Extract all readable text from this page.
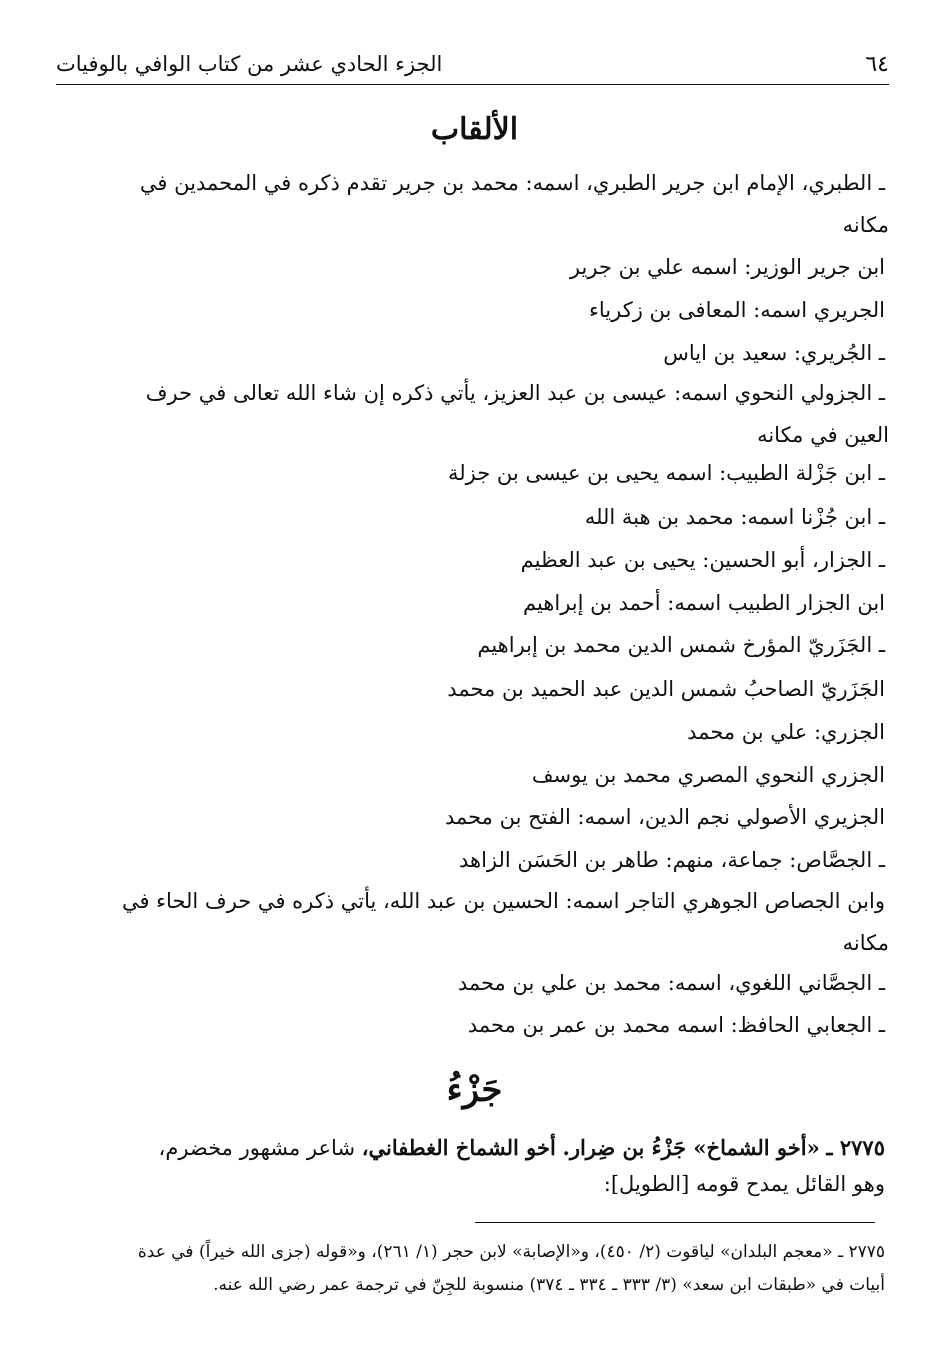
٦٤
الجزء الحادي عشر من كتاب الوافي بالوفيات
الألقاب
ـ الطبري، الإمام ابن جرير الطبري، اسمه: محمد بن جرير تقدم ذكره في المحمدين في
مكانه
ابن جرير الوزير: اسمه علي بن جرير
الجريري اسمه: المعافى بن زكرياء
ـ الجُريري: سعيد بن اياس
ـ الجزولي النحوي اسمه: عيسى بن عبد العزيز، يأتي ذكره إن شاء الله تعالى في حرف
العين في مكانه
ـ ابن جَزْلة الطبيب: اسمه يحيى بن عيسى بن جزلة
ـ ابن جُزْنا اسمه: محمد بن هبة الله
ـ الجزار، أبو الحسين: يحيى بن عبد العظيم
ابن الجزار الطبيب اسمه: أحمد بن إبراهيم
ـ الجَزَريّ المؤرخ شمس الدين محمد بن إبراهيم
الجَزَريّ الصاحبُ شمس الدين عبد الحميد بن محمد
الجزري: علي بن محمد
الجزري النحوي المصري محمد بن يوسف
الجزيري الأصولي نجم الدين، اسمه: الفتح بن محمد
ـ الجصَّاص: جماعة، منهم: طاهر بن الحَسَن الزاهد
وابن الجصاص الجوهري التاجر اسمه: الحسين بن عبد الله، يأتي ذكره في حرف الحاء في
مكانه
ـ الجصَّاني اللغوي، اسمه: محمد بن علي بن محمد
ـ الجعابي الحافظ: اسمه محمد بن عمر بن محمد
جَزْءُ
٢٧٧٥ ـ «أخو الشماخ» جَزْءُ بن ضِرار. أخو الشماخ الغطفاني، شاعر مشهور مخضرم،
وهو القائل يمدح قومه [الطويل]:
٢٧٧٥ ـ «معجم البلدان» لياقوت (٢/ ٤٥٠)، و«الإصابة» لابن حجر (١/ ٢٦١)، و«قوله (جزى الله خيراً) في عدة
أبيات في «طبقات ابن سعد» (٣/ ٣٣٣ ـ ٣٣٤ ـ ٣٧٤) منسوبة للجِنّ في ترجمة عمر رضي الله عنه.
